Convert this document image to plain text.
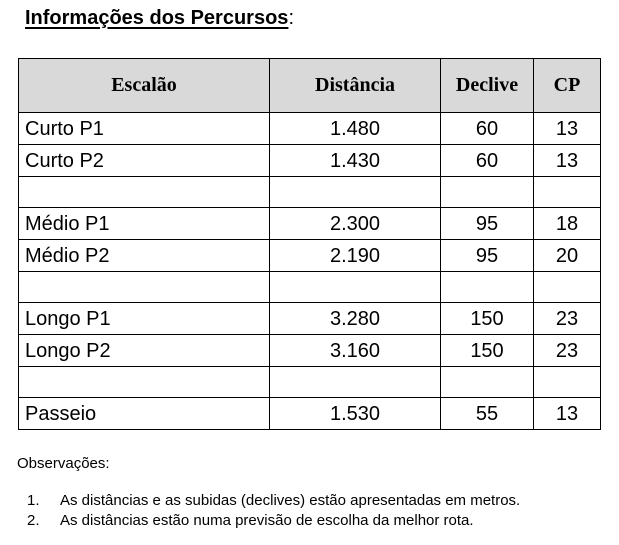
Informações dos Percursos:
Escalão	Distância	Declive	CP
Curto P1	1.480	60	13
Curto P2	1.430	60	13

Médio P1	2.300	95	18
Médio P2	2.190	95	20

Longo P1	3.280	150	23
Longo P2	3.160	150	23

Passeio	1.530	55	13
Observações:
1. As distâncias e as subidas (declives) estão apresentadas em metros.
2. As distâncias estão numa previsão de escolha da melhor rota.
